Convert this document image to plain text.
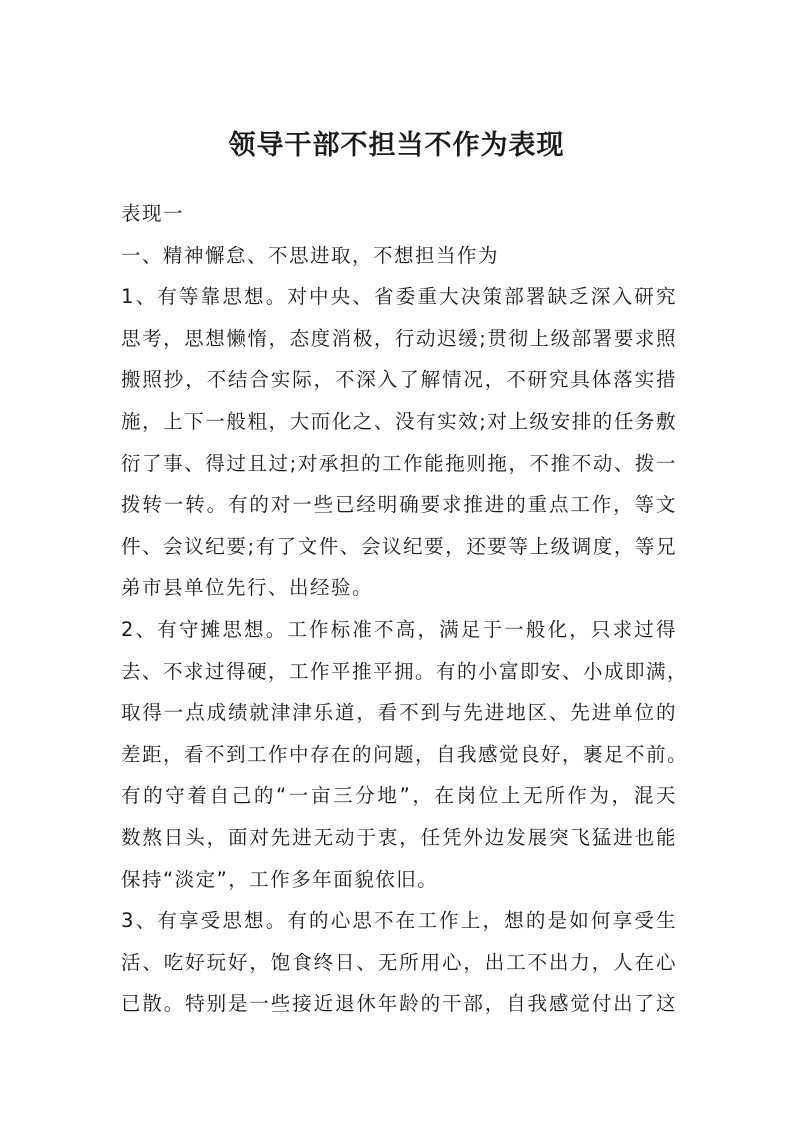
领导干部不担当不作为表现
表现一
一、精神懈怠、不思进取，不想担当作为
1、有等靠思想。对中央、省委重大决策部署缺乏深入研究
思考，思想懒惰，态度消极，行动迟缓;贯彻上级部署要求照
搬照抄，不结合实际，不深入了解情况，不研究具体落实措
施，上下一般粗，大而化之、没有实效;对上级安排的任务敷
衍了事、得过且过;对承担的工作能拖则拖，不推不动、拨一
拨转一转。有的对一些已经明确要求推进的重点工作，等文
件、会议纪要;有了文件、会议纪要，还要等上级调度，等兄
弟市县单位先行、出经验。
2、有守摊思想。工作标准不高，满足于一般化，只求过得
去、不求过得硬，工作平推平拥。有的小富即安、小成即满，
取得一点成绩就津津乐道，看不到与先进地区、先进单位的
差距，看不到工作中存在的问题，自我感觉良好，裹足不前。
有的守着自己的“一亩三分地”，在岗位上无所作为，混天
数熬日头，面对先进无动于衷，任凭外边发展突飞猛进也能
保持“淡定”，工作多年面貌依旧。
3、有享受思想。有的心思不在工作上，想的是如何享受生
活、吃好玩好，饱食终日、无所用心，出工不出力，人在心
已散。特别是一些接近退休年龄的干部，自我感觉付出了这
